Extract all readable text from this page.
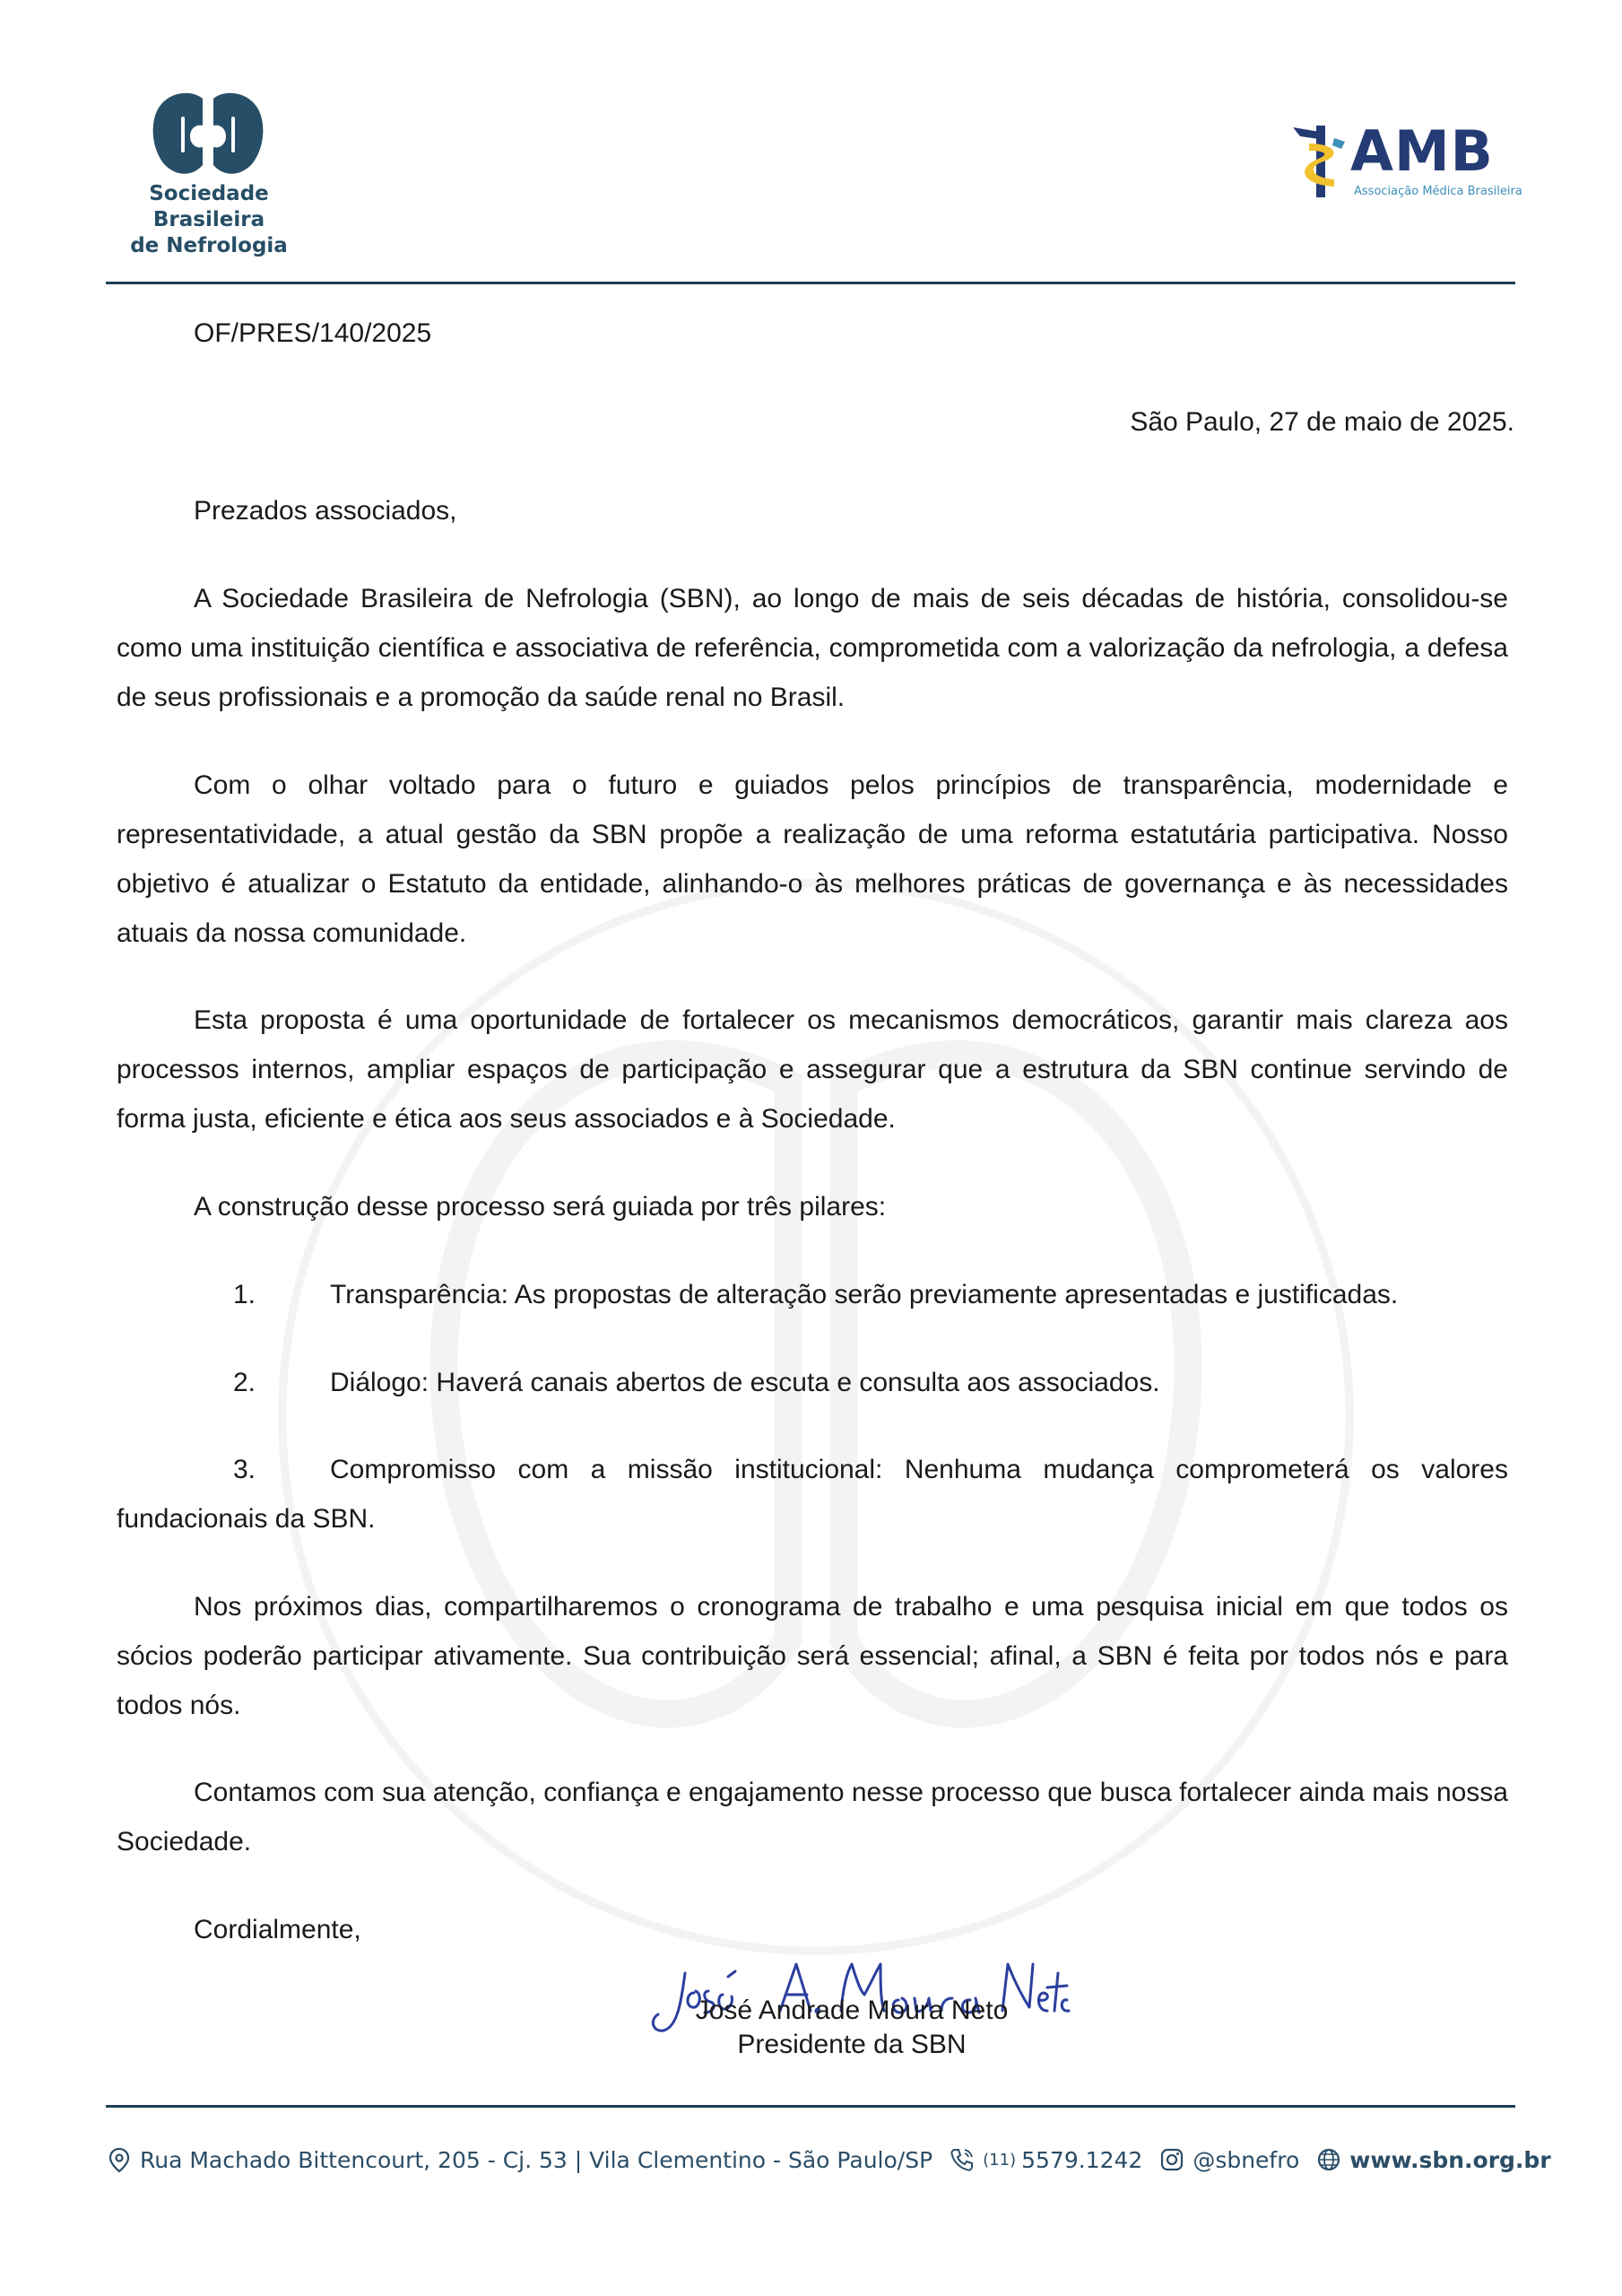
Sociedade Brasileira
de Nefrologia
AMB
Associação Médica Brasileira
OF/PRES/140/2025
São Paulo, 27 de maio de 2025.
Prezados associados,
A Sociedade Brasileira de Nefrologia (SBN), ao longo de mais de seis décadas de história, consolidou-se como uma instituição científica e associativa de referência, comprometida com a valorização da nefrologia, a defesa de seus profissionais e a promoção da saúde renal no Brasil.
Com o olhar voltado para o futuro e guiados pelos princípios de transparência, modernidade e representatividade, a atual gestão da SBN propõe a realização de uma reforma estatutária participativa. Nosso objetivo é atualizar o Estatuto da entidade, alinhando-o às melhores práticas de governança e às necessidades atuais da nossa comunidade.
Esta proposta é uma oportunidade de fortalecer os mecanismos democráticos, garantir mais clareza aos processos internos, ampliar espaços de participação e assegurar que a estrutura da SBN continue servindo de forma justa, eficiente e ética aos seus associados e à Sociedade.
A construção desse processo será guiada por três pilares:
1.	Transparência: As propostas de alteração serão previamente apresentadas e justificadas.
2.	Diálogo: Haverá canais abertos de escuta e consulta aos associados.
3.	Compromisso com a missão institucional: Nenhuma mudança comprometerá os valores fundacionais da SBN.
Nos próximos dias, compartilharemos o cronograma de trabalho e uma pesquisa inicial em que todos os sócios poderão participar ativamente. Sua contribuição será essencial; afinal, a SBN é feita por todos nós e para todos nós.
Contamos com sua atenção, confiança e engajamento nesse processo que busca fortalecer ainda mais nossa Sociedade.
Cordialmente,
José Andrade Moura Neto
Presidente da SBN
Rua Machado Bittencourt, 205 - Cj. 53 | Vila Clementino - São Paulo/SP	(11) 5579.1242 @sbnefro www.sbn.org.br
